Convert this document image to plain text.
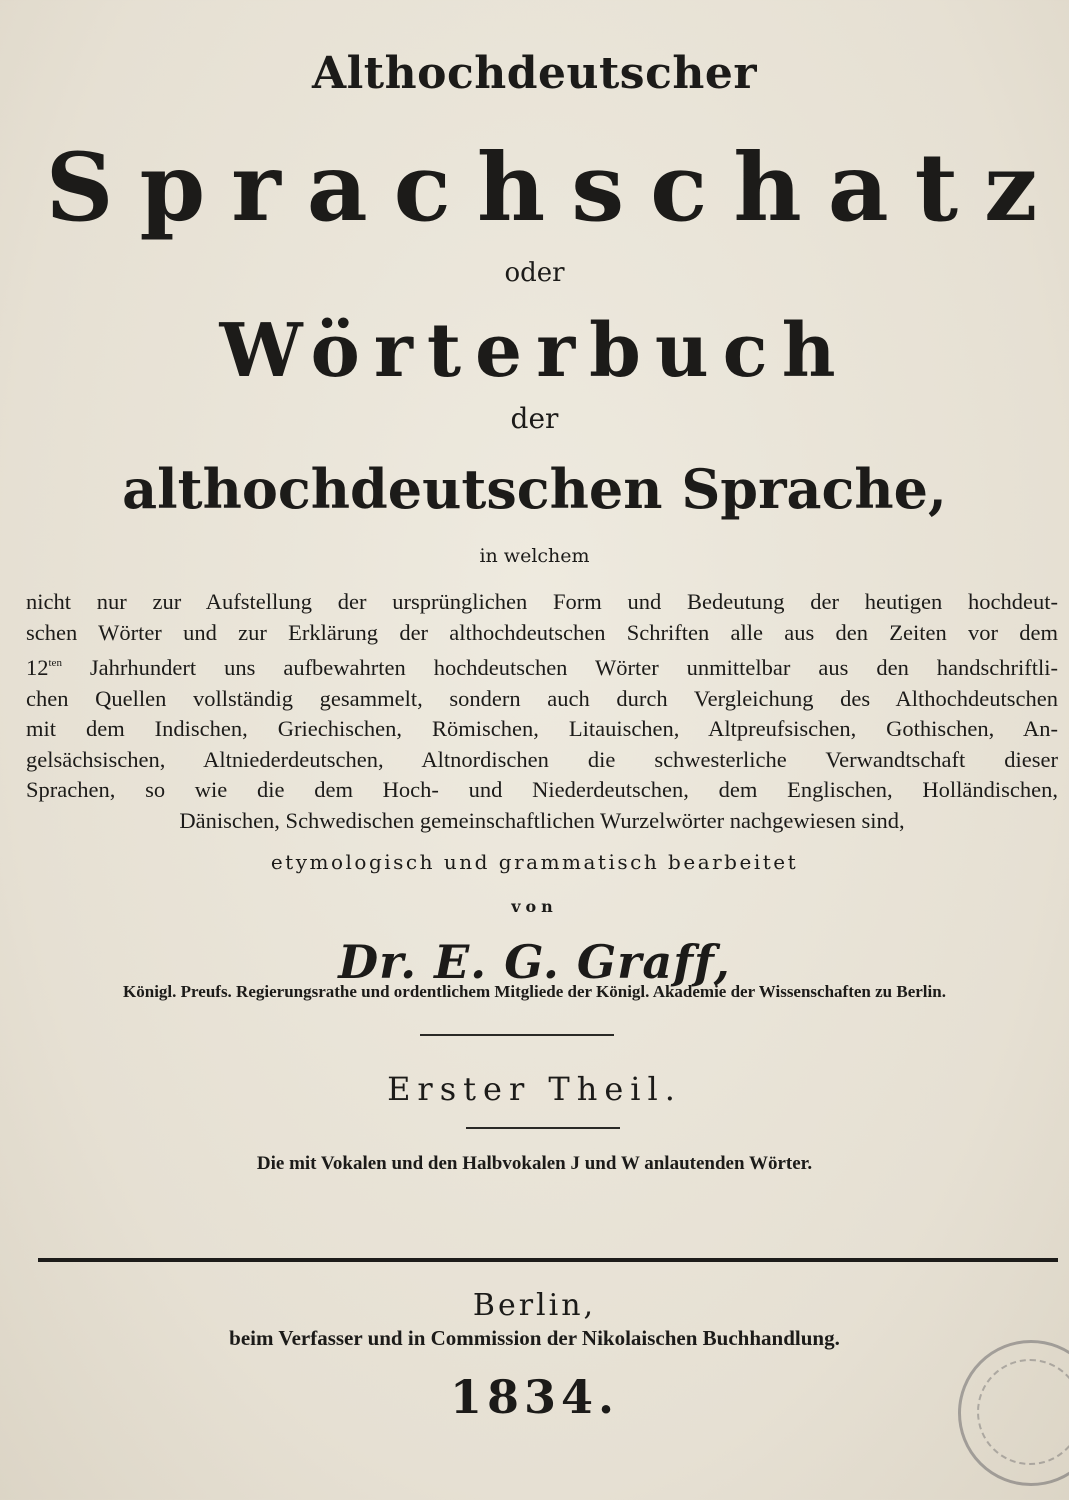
Althochdeutscher
Sprachschatz
oder
Wörterbuch
der
althochdeutschen Sprache,
in welchem
nicht nur zur Aufstellung der ursprünglichen Form und Bedeutung der heutigen hochdeut-
schen Wörter und zur Erklärung der althochdeutschen Schriften alle aus den Zeiten vor dem
$12^{ten}$ Jahrhundert uns aufbewahrten hochdeutschen Wörter unmittelbar aus den handschriftli-
chen Quellen vollständig gesammelt, sondern auch durch Vergleichung des Althochdeutschen
mit dem Indischen, Griechischen, Römischen, Litauischen, Altpreufsischen, Gothischen, An-
gelsächsischen, Altniederdeutschen, Altnordischen die schwesterliche Verwandtschaft dieser
Sprachen, so wie die dem Hoch- und Niederdeutschen, dem Englischen, Holländischen,
Dänischen, Schwedischen gemeinschaftlichen Wurzelwörter nachgewiesen sind,
etymologisch und grammatisch bearbeitet
von
Dr. E. G. Graff,
Königl. Preufs. Regierungsrathe und ordentlichem Mitgliede der Königl. Akademie der Wissenschaften zu Berlin.
Erster Theil.
Die mit Vokalen und den Halbvokalen J und W anlautenden Wörter.
Berlin,
beim Verfasser und in Commission der Nikolaischen Buchhandlung.
1834.
